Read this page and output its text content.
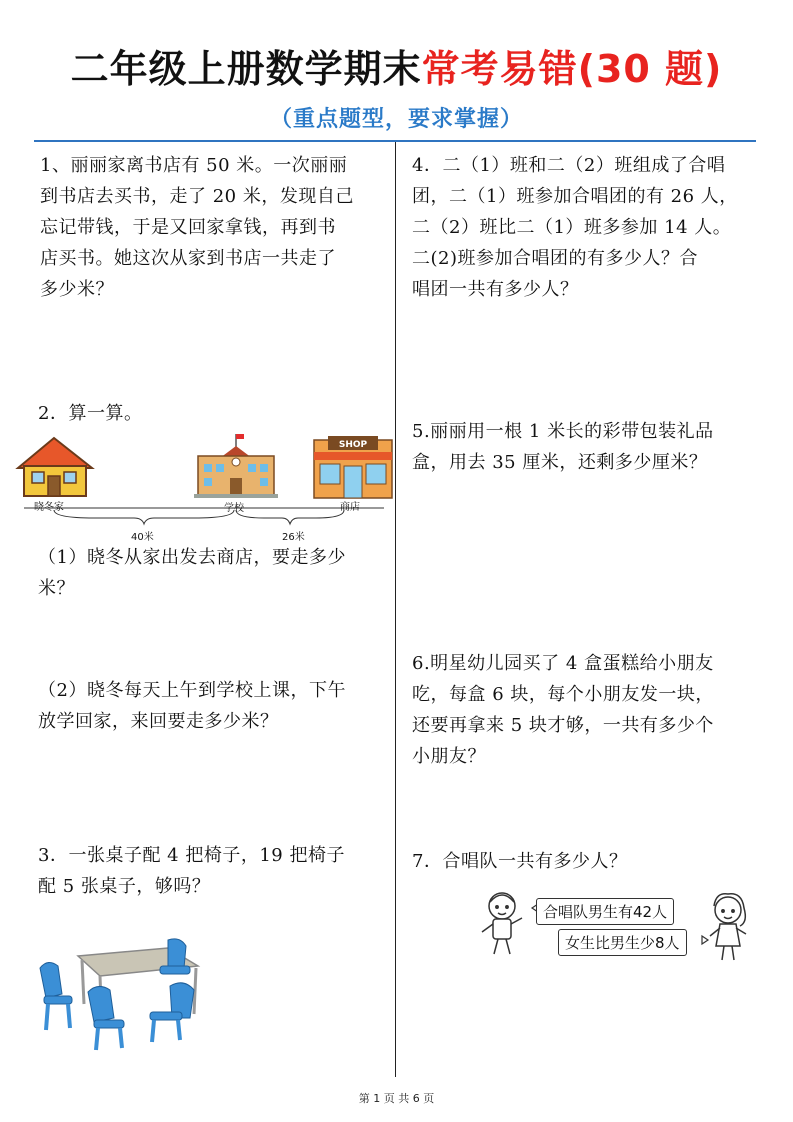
二年级上册数学期末常考易错(30 题)
（重点题型，要求掌握）
1、丽丽家离书店有 50 米。一次丽丽
到书店去买书，走了 20 米，发现自己
忘记带钱，于是又回家拿钱，再到书
店买书。她这次从家到书店一共走了
多少米？
2．算一算。
SHOP
晓冬家	学校	商店
40米	26米
（1）晓冬从家出发去商店，要走多少
米？
（2）晓冬每天上午到学校上课，下午
放学回家，来回要走多少米？
3．一张桌子配 4 把椅子，19 把椅子
配 5 张桌子，够吗？
4．二（1）班和二（2）班组成了合唱
团，二（1）班参加合唱团的有 26 人，
二（2）班比二（1）班多参加 14 人。
二(2)班参加合唱团的有多少人？合
唱团一共有多少人？
5.丽丽用一根 1 米长的彩带包装礼品
盒，用去 35 厘米，还剩多少厘米？
6.明星幼儿园买了 4 盒蛋糕给小朋友
吃，每盒 6 块，每个小朋友发一块，
还要再拿来 5 块才够，一共有多少个
小朋友？
7．合唱队一共有多少人？
合唱队男生有42人
女生比男生少8人
第 1 页 共 6 页
